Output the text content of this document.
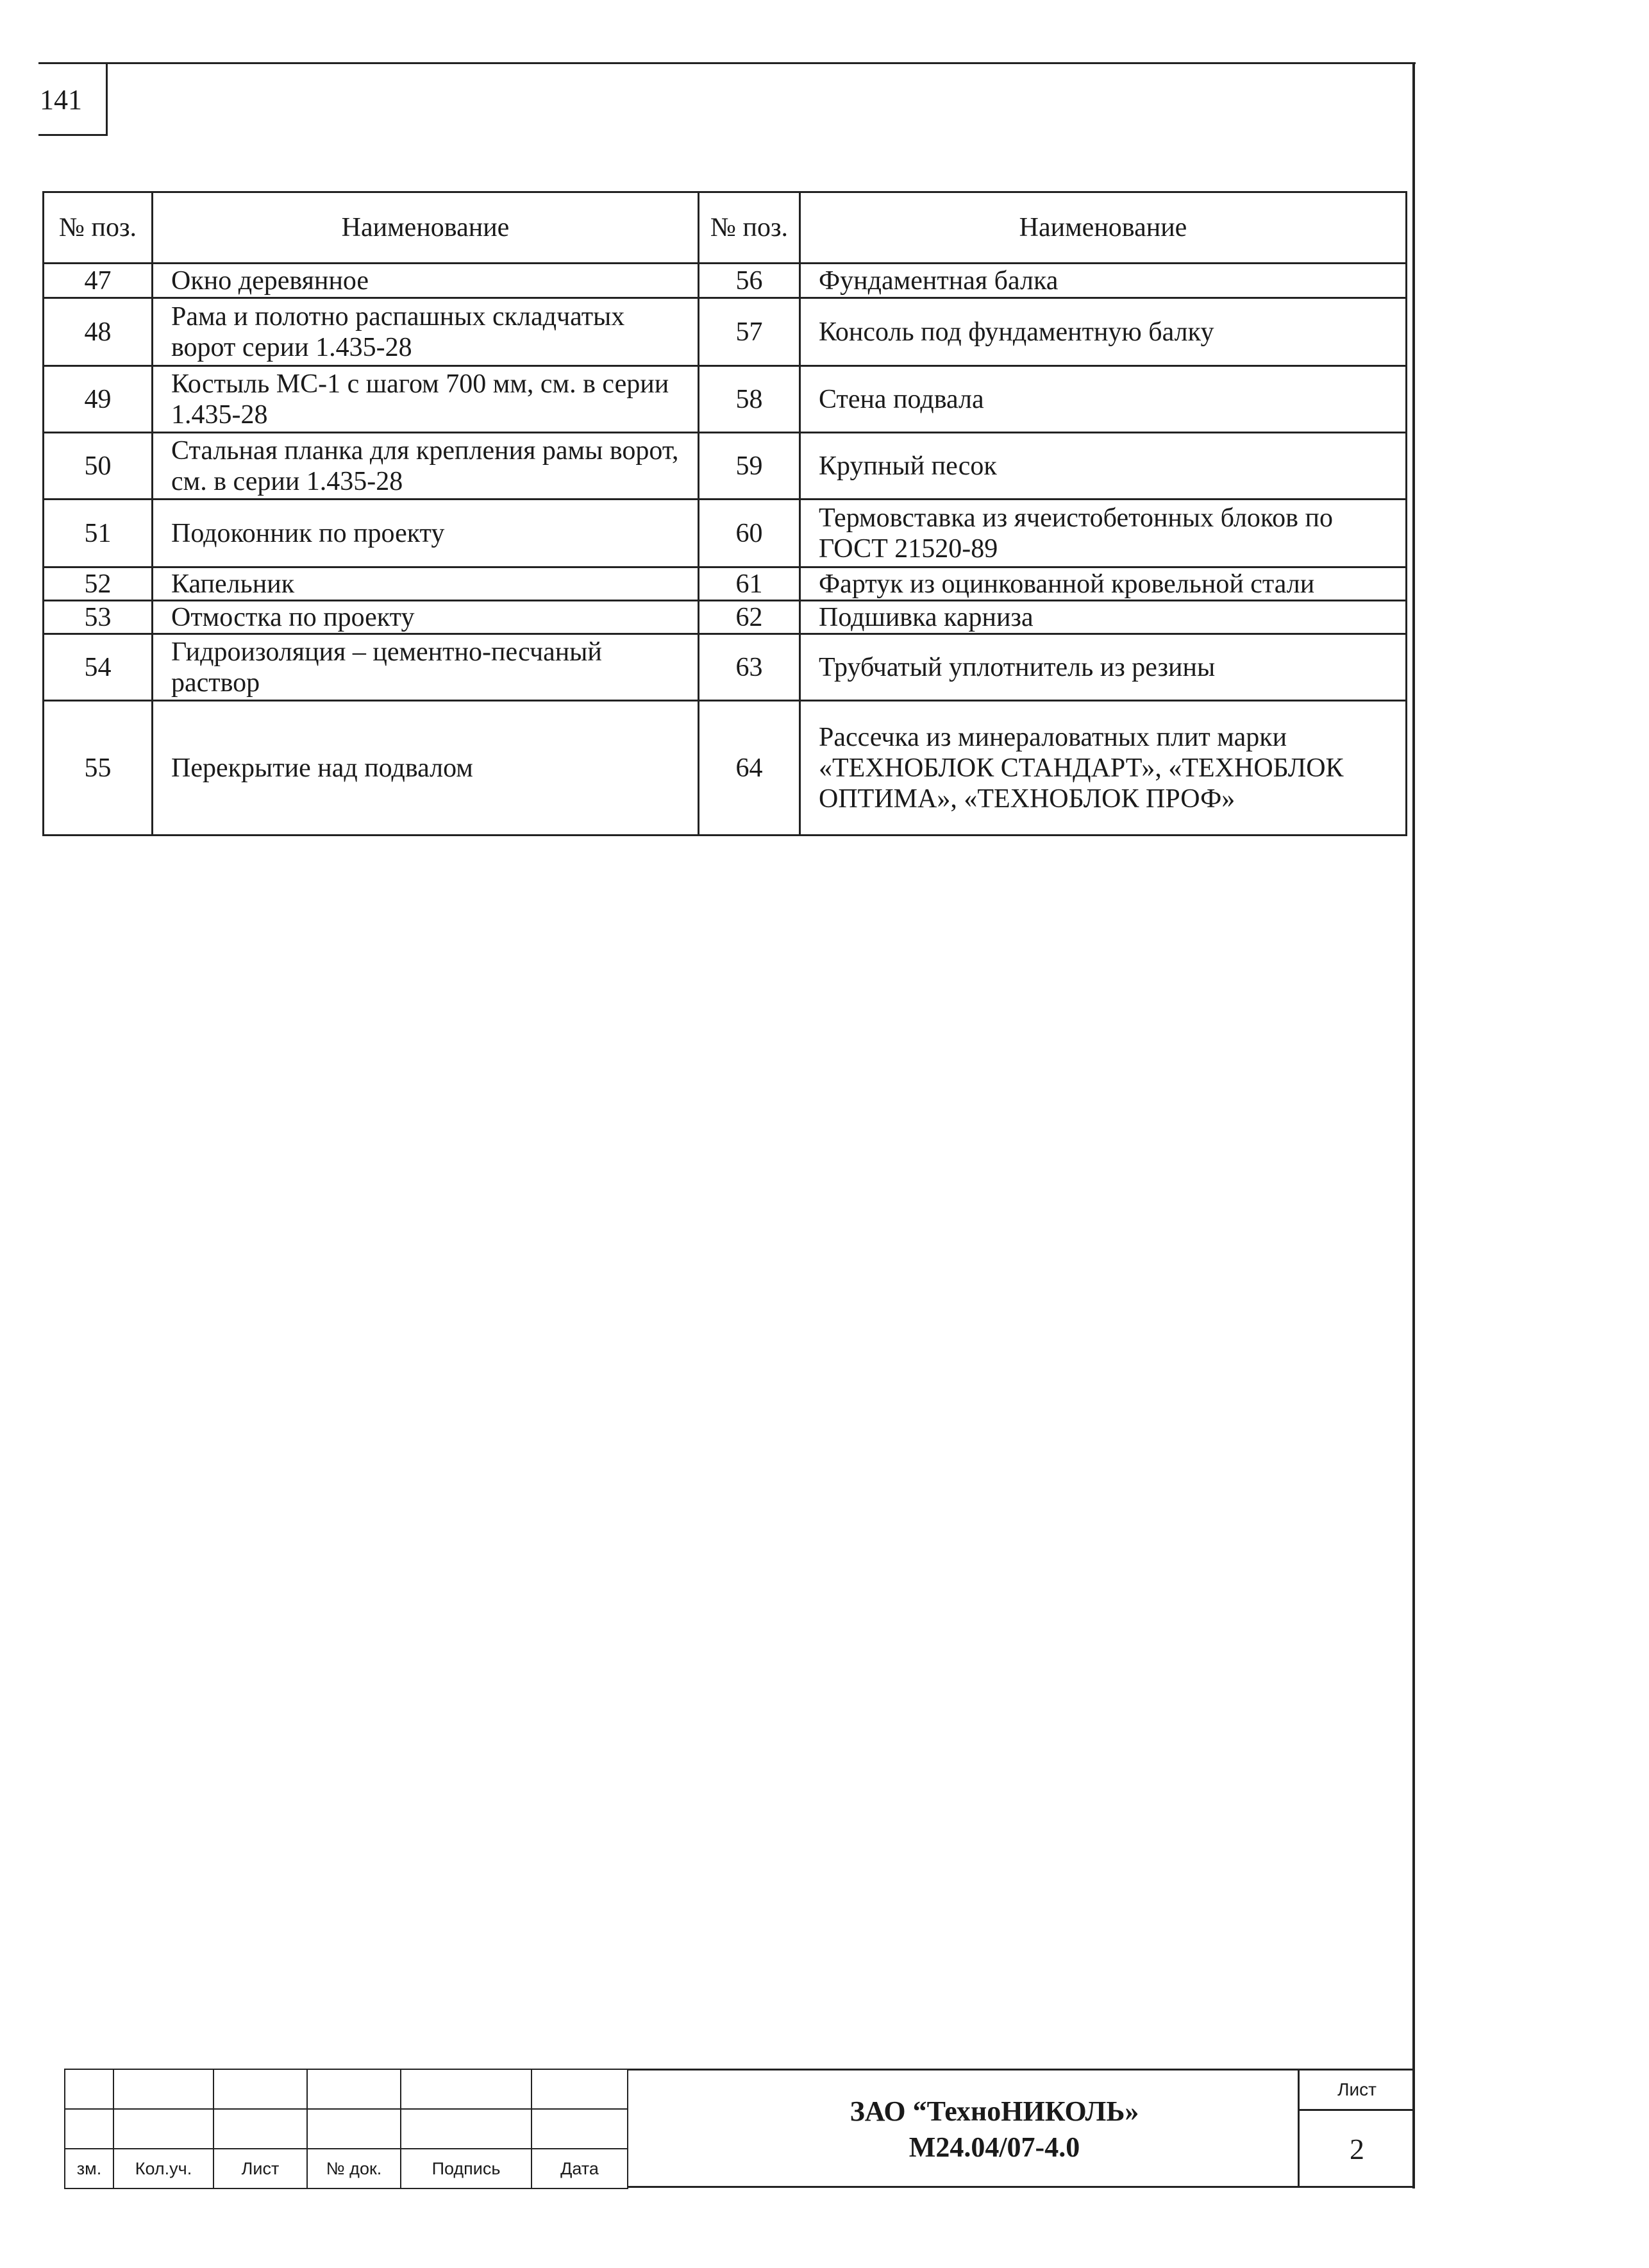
141
№ поз.	Наименование	№ поз.	Наименование
47	Окно деревянное	56	Фундаментная балка
48	Рама и полотно распашных складчатых ворот серии 1.435-28	57	Консоль под фундаментную балку
49	Костыль МС-1 с шагом 700 мм, см. в серии 1.435-28	58	Стена подвала
50	Стальная планка для крепления рамы ворот, см. в серии 1.435-28	59	Крупный песок
51	Подоконник по проекту	60	Термовставка из ячеистобетонных блоков по ГОСТ 21520-89
52	Капельник	61	Фартук из оцинкованной кровельной стали
53	Отмостка по проекту	62	Подшивка карниза
54	Гидроизоляция – цементно-песчаный раствор	63	Трубчатый уплотнитель из резины
55	Перекрытие над подвалом	64	Рассечка из минераловатных плит марки «ТЕХНОБЛОК СТАНДАРТ», «ТЕХНОБЛОК ОПТИМА», «ТЕХНОБЛОК ПРОФ»

зм.	Кол.уч.	Лист	№ док.	Подпись	Дата
ЗАО “ТехноНИКОЛЬ»
М24.04/07-4.0
Лист
2
